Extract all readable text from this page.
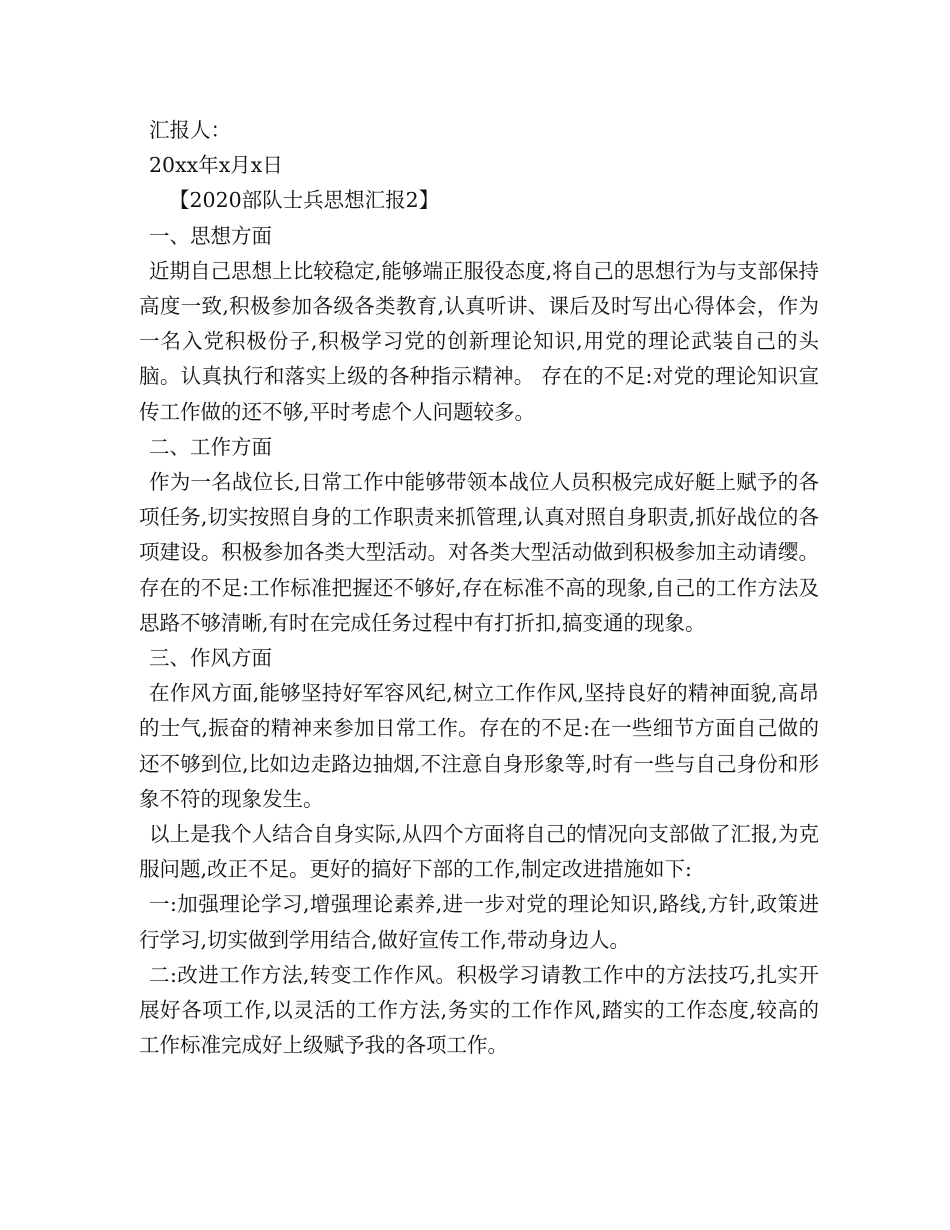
汇报人：

20xx年x月x日

【2020部队士兵思想汇报2】

一、思想方面

近期自己思想上比较稳定,能够端正服役态度,将自己的思想行为与支部保持高度一致,积极参加各级各类教育,认真听讲、课后及时写出心得体会，作为一名入党积极份子,积极学习党的创新理论知识,用党的理论武装自己的头脑。认真执行和落实上级的各种指示精神。 存在的不足:对党的理论知识宣传工作做的还不够,平时考虑个人问题较多。

二、工作方面

作为一名战位长,日常工作中能够带领本战位人员积极完成好艇上赋予的各项任务,切实按照自身的工作职责来抓管理,认真对照自身职责,抓好战位的各项建设。积极参加各类大型活动。对各类大型活动做到积极参加主动请缨。 存在的不足:工作标准把握还不够好,存在标准不高的现象,自己的工作方法及思路不够清晰,有时在完成任务过程中有打折扣,搞变通的现象。

三、作风方面

在作风方面,能够坚持好军容风纪,树立工作作风,坚持良好的精神面貌,高昂的士气,振奋的精神来参加日常工作。存在的不足:在一些细节方面自己做的还不够到位,比如边走路边抽烟,不注意自身形象等,时有一些与自己身份和形象不符的现象发生。

以上是我个人结合自身实际,从四个方面将自己的情况向支部做了汇报,为克服问题,改正不足。更好的搞好下部的工作,制定改进措施如下:

一:加强理论学习,增强理论素养,进一步对党的理论知识,路线,方针,政策进行学习,切实做到学用结合,做好宣传工作,带动身边人。

二:改进工作方法,转变工作作风。积极学习请教工作中的方法技巧,扎实开展好各项工作,以灵活的工作方法,务实的工作作风,踏实的工作态度,较高的工作标准完成好上级赋予我的各项工作。
